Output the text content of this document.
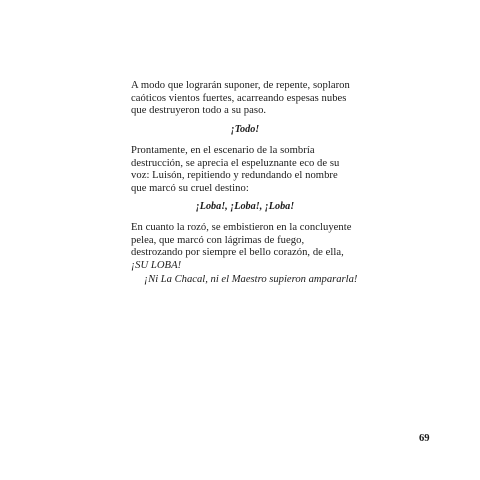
A modo que lograrán suponer, de repente, soplaron
caóticos vientos fuertes, acarreando espesas nubes
que destruyeron todo a su paso.
¡Todo!
Prontamente, en el escenario de la sombría
destrucción, se aprecia el espeluznante eco de su
voz: Luisón, repitiendo y redundando el nombre
que marcó su cruel destino:
¡Loba!, ¡Loba!, ¡Loba!
En cuanto la rozó, se embistieron en la concluyente
pelea, que marcó con lágrimas de fuego,
destrozando por siempre el bello corazón, de ella,
¡SU LOBA!
¡Ni La Chacal, ni el Maestro supieron ampararla!
69
